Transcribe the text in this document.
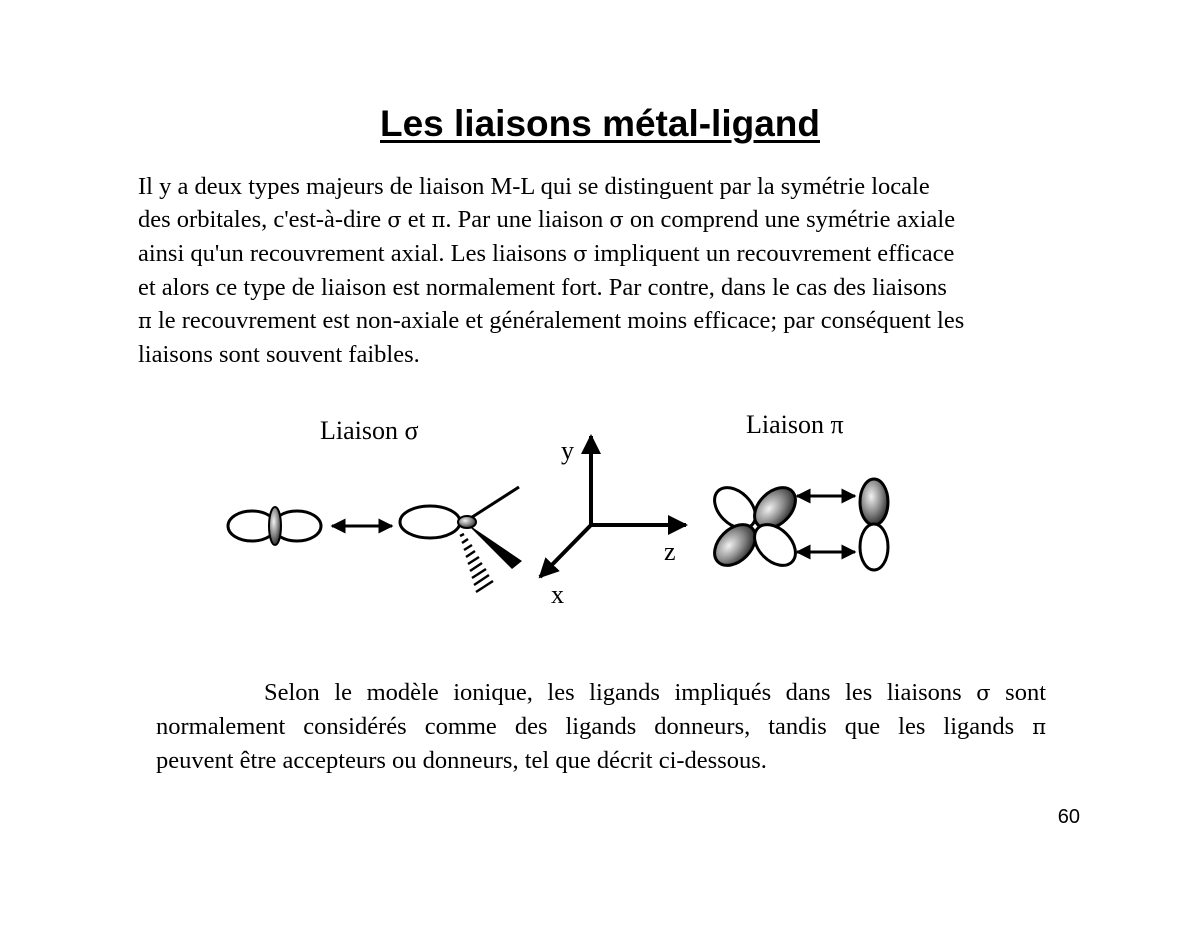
Les liaisons métal-ligand
Il y a deux types majeurs de liaison M-L qui se distinguent par la symétrie locale
des orbitales, c'est-à-dire σ et π. Par une liaison σ on comprend une symétrie axiale
ainsi qu'un recouvrement axial. Les liaisons σ impliquent un recouvrement efficace
et alors ce type de liaison est normalement fort. Par contre, dans le cas des liaisons
π le recouvrement est non-axiale et généralement moins efficace; par conséquent les
liaisons sont souvent faibles.
Liaison σ	Liaison π
y
z
x
Selon le modèle ionique, les ligands impliqués dans les liaisons σ sont
normalement considérés comme des ligands donneurs, tandis que les ligands π
peuvent être accepteurs ou donneurs, tel que décrit ci-dessous.
60
